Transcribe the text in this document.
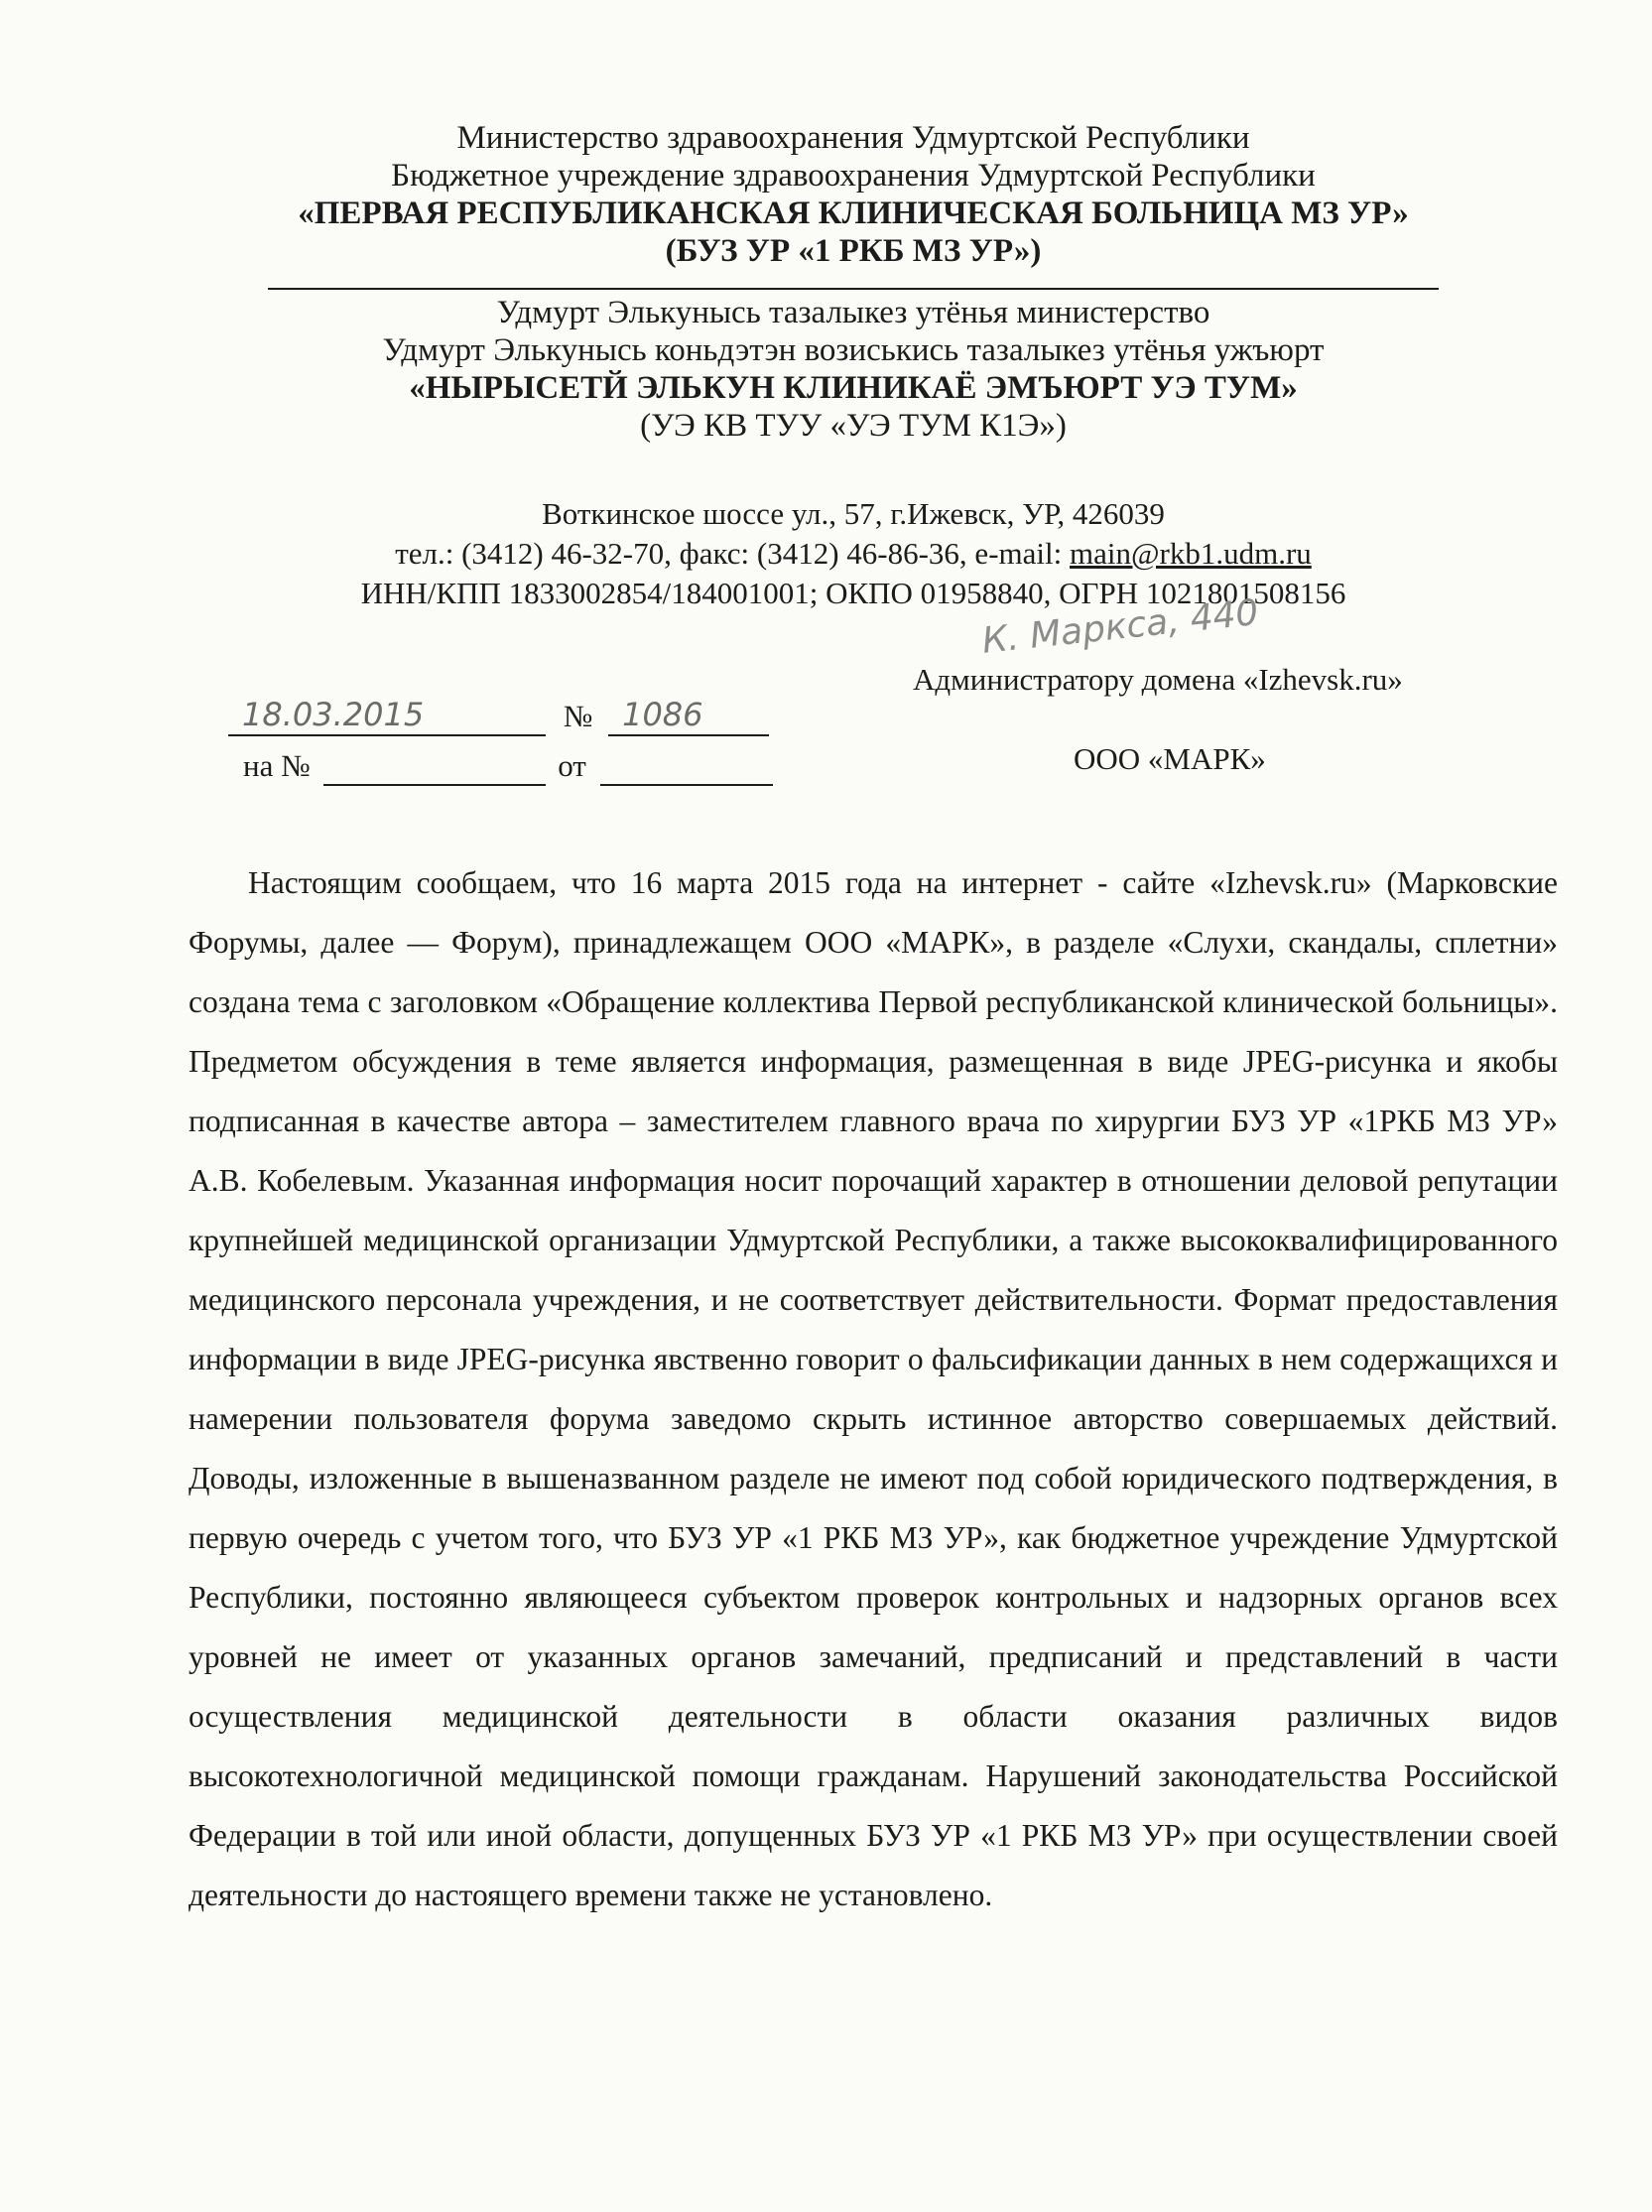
Министерство здравоохранения Удмуртской Республики
Бюджетное учреждение здравоохранения Удмуртской Республики
«ПЕРВАЯ РЕСПУБЛИКАНСКАЯ КЛИНИЧЕСКАЯ БОЛЬНИЦА МЗ УР»
(БУЗ УР «1 РКБ МЗ УР»)
Удмурт Элькунысь тазалыкез утёнья министерство
Удмурт Элькунысь коньдэтэн возиськись тазалыкез утёнья ужъюрт
«НЫРЫСЕТЙ ЭЛЬКУН КЛИНИКАЁ ЭМЪЮРТ УЭ ТУМ»
(УЭ КВ ТУУ «УЭ ТУМ К1Э»)
Воткинское шоссе ул., 57, г.Ижевск, УР, 426039
тел.: (3412) 46-32-70, факс: (3412) 46-86-36, e-mail: main@rkb1.udm.ru
ИНН/КПП 1833002854/184001001; ОКПО 01958840, ОГРН 1021801508156
К. Маркса, 440
Администратору домена «Izhevsk.ru»
ООО «МАРК»
18.03.2015	№ 1086
на №	от
Настоящим сообщаем, что 16 марта 2015 года на интернет - сайте «Izhevsk.ru» (Марковские Форумы, далее — Форум), принадлежащем ООО «МАРК», в разделе «Слухи, скандалы, сплетни» создана тема с заголовком «Обращение коллектива Первой республиканской клинической больницы». Предметом обсуждения в теме является информация, размещенная в виде JPEG-рисунка и якобы подписанная в качестве автора – заместителем главного врача по хирургии БУЗ УР «1РКБ МЗ УР» А.В. Кобелевым. Указанная информация носит порочащий характер в отношении деловой репутации крупнейшей медицинской организации Удмуртской Республики, а также высококвалифицированного медицинского персонала учреждения, и не соответствует действительности. Формат предоставления информации в виде JPEG-рисунка явственно говорит о фальсификации данных в нем содержащихся и намерении пользователя форума заведомо скрыть истинное авторство совершаемых действий. Доводы, изложенные в вышеназванном разделе не имеют под собой юридического подтверждения, в первую очередь с учетом того, что БУЗ УР «1 РКБ МЗ УР», как бюджетное учреждение Удмуртской Республики, постоянно являющееся субъектом проверок контрольных и надзорных органов всех уровней не имеет от указанных органов замечаний, предписаний и представлений в части осуществления медицинской деятельности в области оказания различных видов высокотехнологичной медицинской помощи гражданам. Нарушений законодательства Российской Федерации в той или иной области, допущенных БУЗ УР «1 РКБ МЗ УР» при осуществлении своей деятельности до настоящего времени также не установлено.
